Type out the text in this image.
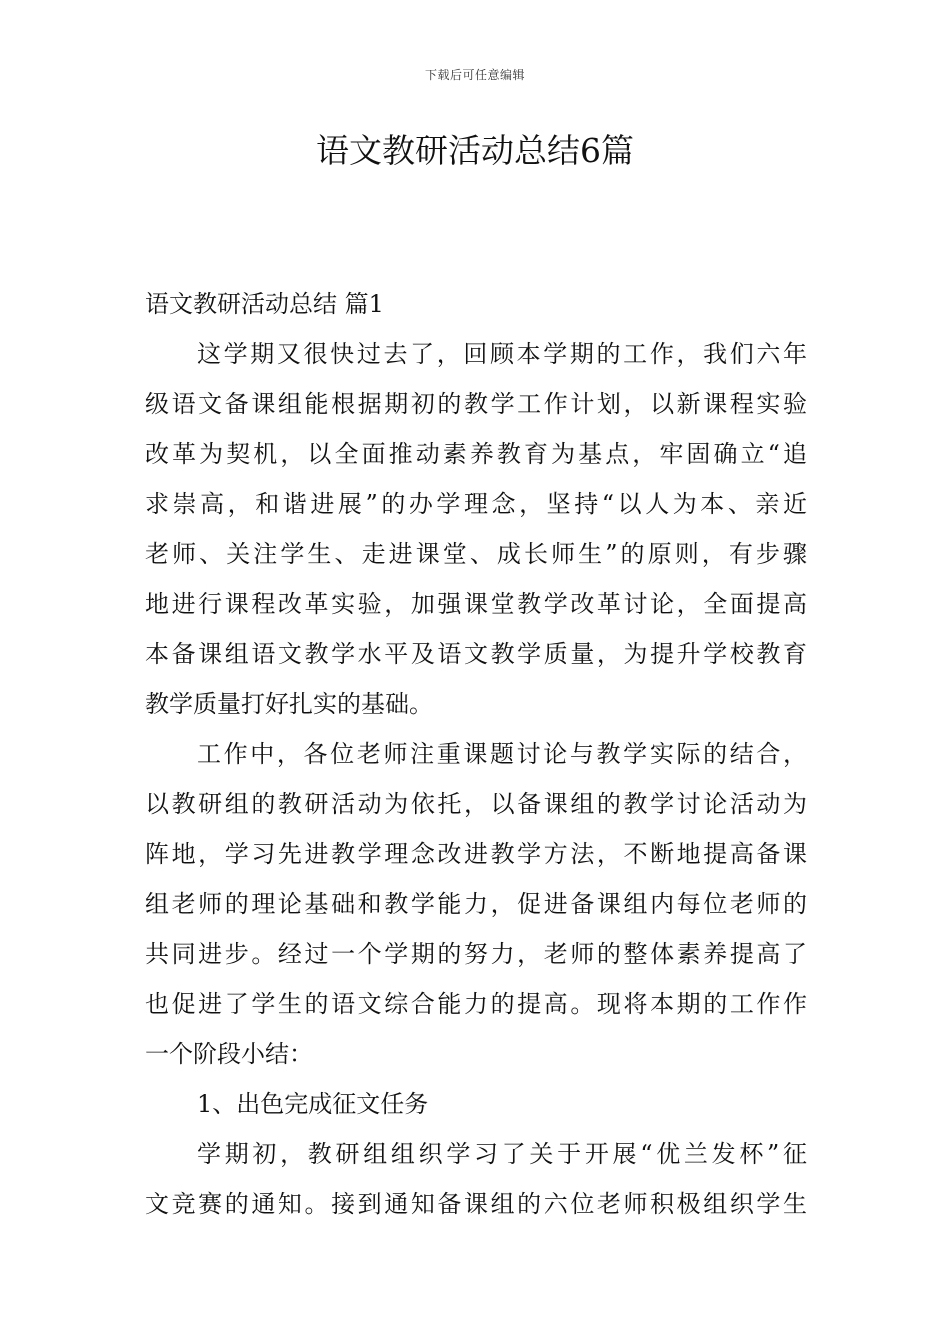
下载后可任意编辑
语文教研活动总结6篇
语文教研活动总结 篇1
这学期又很快过去了，回顾本学期的工作，我们六年
级语文备课组能根据期初的教学工作计划，以新课程实验
改革为契机，以全面推动素养教育为基点，牢固确立“追
求崇高，和谐进展”的办学理念，坚持“以人为本、亲近
老师、关注学生、走进课堂、成长师生”的原则，有步骤
地进行课程改革实验，加强课堂教学改革讨论，全面提高
本备课组语文教学水平及语文教学质量，为提升学校教育
教学质量打好扎实的基础。
工作中，各位老师注重课题讨论与教学实际的结合，
以教研组的教研活动为依托，以备课组的教学讨论活动为
阵地，学习先进教学理念改进教学方法，不断地提高备课
组老师的理论基础和教学能力，促进备课组内每位老师的
共同进步。经过一个学期的努力，老师的整体素养提高了
也促进了学生的语文综合能力的提高。现将本期的工作作
一个阶段小结：
1、出色完成征文任务
学期初，教研组组织学习了关于开展“优兰发杯”征
文竞赛的通知。接到通知备课组的六位老师积极组织学生
